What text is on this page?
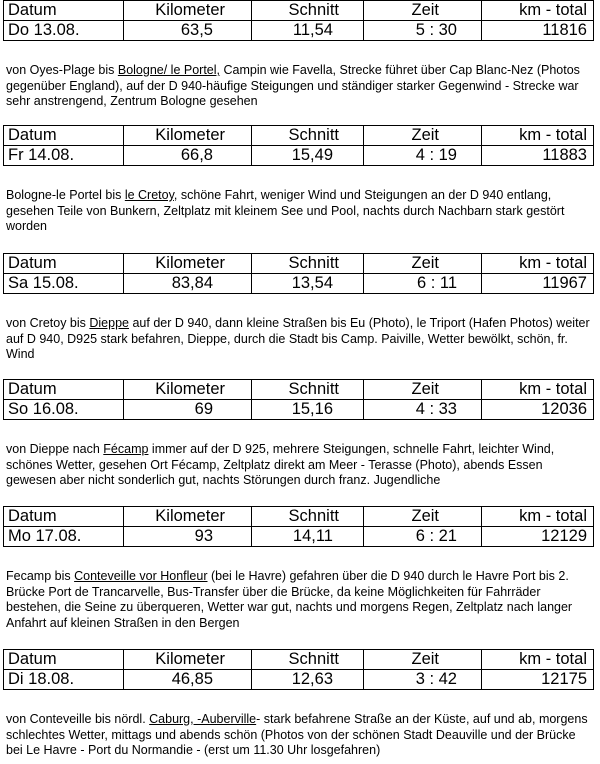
Datum	Kilometer	Schnitt	Zeit	km - total
Do 13.08.	63,5	11,54	5 : 30	11816
von Oyes-Plage bis Bologne/ le Portel, Campin wie Favella, Strecke führet über Cap Blanc-Nez (Photos gegenüber England), auf der D 940-häufige Steigungen und ständiger starker Gegenwind - Strecke war sehr anstrengend, Zentrum Bologne gesehen
Datum	Kilometer	Schnitt	Zeit	km - total
Fr 14.08.	66,8	15,49	4 : 19	11883
Bologne-le Portel bis le Cretoy, schöne Fahrt, weniger Wind und Steigungen an der D 940 entlang, gesehen Teile von Bunkern, Zeltplatz mit kleinem See und Pool, nachts durch Nachbarn stark gestört worden
Datum	Kilometer	Schnitt	Zeit	km - total
Sa 15.08.	83,84	13,54	6 : 11	11967
von Cretoy bis Dieppe auf der D 940, dann kleine Straßen bis Eu (Photo), le Triport (Hafen Photos) weiter auf D 940, D925 stark befahren, Dieppe, durch die Stadt bis Camp. Paiville, Wetter bewölkt, schön, fr. Wind
Datum	Kilometer	Schnitt	Zeit	km - total
So 16.08.	69	15,16	4 : 33	12036
von Dieppe nach Fécamp immer auf der D 925, mehrere Steigungen, schnelle Fahrt, leichter Wind, schönes Wetter, gesehen Ort Fécamp, Zeltplatz direkt am Meer - Terasse (Photo), abends Essen gewesen aber nicht sonderlich gut, nachts Störungen durch franz. Jugendliche
Datum	Kilometer	Schnitt	Zeit	km - total
Mo 17.08.	93	14,11	6 : 21	12129
Fecamp bis Conteveille vor Honfleur (bei le Havre) gefahren über die D 940 durch le Havre Port bis 2. Brücke Port de Trancarvelle, Bus-Transfer über die Brücke, da keine Möglichkeiten für Fahrräder bestehen, die Seine zu überqueren, Wetter war gut, nachts und morgens Regen, Zeltplatz nach langer Anfahrt auf kleinen Straßen in den Bergen
Datum	Kilometer	Schnitt	Zeit	km - total
Di 18.08.	46,85	12,63	3 : 42	12175
von Conteveille bis nördl. Caburg, -Auberville- stark befahrene Straße an der Küste, auf und ab, morgens schlechtes Wetter, mittags und abends schön (Photos von der schönen Stadt Deauville und der Brücke bei Le Havre - Port du Normandie - (erst um 11.30 Uhr losgefahren)
